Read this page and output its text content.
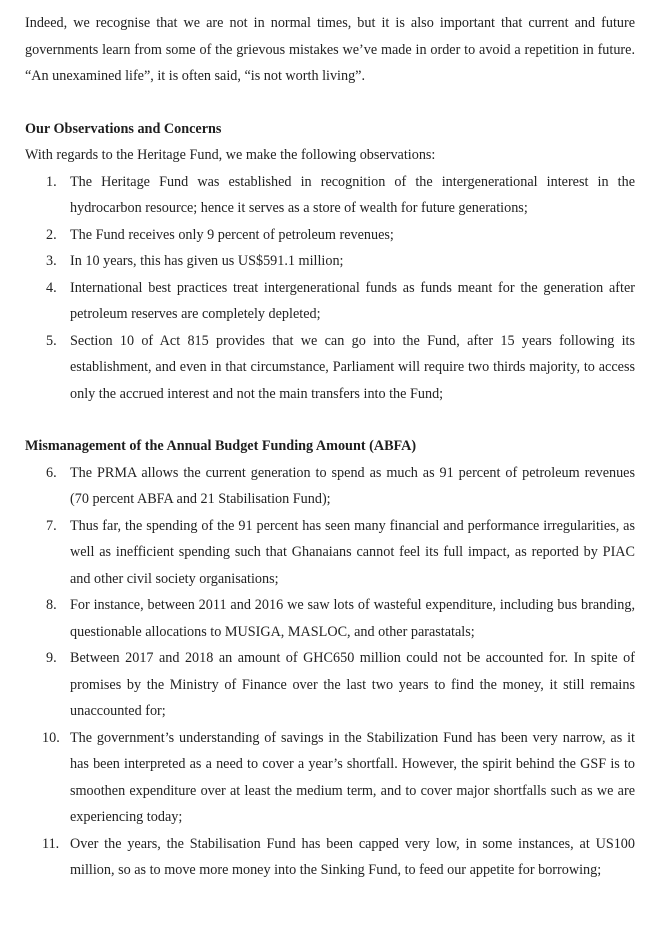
Indeed, we recognise that we are not in normal times, but it is also important that current and future governments learn from some of the grievous mistakes we’ve made in order to avoid a repetition in future. “An unexamined life”, it is often said, “is not worth living”.

Our Observations and Concerns

With regards to the Heritage Fund, we make the following observations:

1. The Heritage Fund was established in recognition of the intergenerational interest in the hydrocarbon resource; hence it serves as a store of wealth for future generations;
2. The Fund receives only 9 percent of petroleum revenues;
3. In 10 years, this has given us US$591.1 million;
4. International best practices treat intergenerational funds as funds meant for the generation after petroleum reserves are completely depleted;
5. Section 10 of Act 815 provides that we can go into the Fund, after 15 years following its establishment, and even in that circumstance, Parliament will require two thirds majority, to access only the accrued interest and not the main transfers into the Fund;

Mismanagement of the Annual Budget Funding Amount (ABFA)

6. The PRMA allows the current generation to spend as much as 91 percent of petroleum revenues (70 percent ABFA and 21 Stabilisation Fund);
7. Thus far, the spending of the 91 percent has seen many financial and performance irregularities, as well as inefficient spending such that Ghanaians cannot feel its full impact, as reported by PIAC and other civil society organisations;
8. For instance, between 2011 and 2016 we saw lots of wasteful expenditure, including bus branding, questionable allocations to MUSIGA, MASLOC, and other parastatals;
9. Between 2017 and 2018 an amount of GHC650 million could not be accounted for. In spite of promises by the Ministry of Finance over the last two years to find the money, it still remains unaccounted for;
10. The government’s understanding of savings in the Stabilization Fund has been very narrow, as it has been interpreted as a need to cover a year’s shortfall. However, the spirit behind the GSF is to smoothen expenditure over at least the medium term, and to cover major shortfalls such as we are experiencing today;
11. Over the years, the Stabilisation Fund has been capped very low, in some instances, at US100 million, so as to move more money into the Sinking Fund, to feed our appetite for borrowing;
